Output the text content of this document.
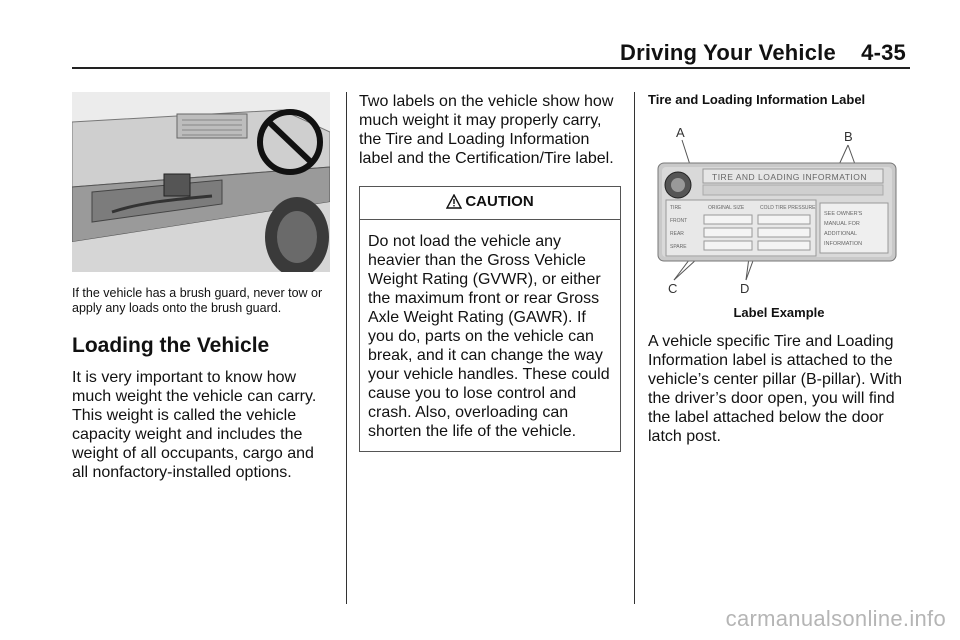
Driving Your Vehicle    4-35
If the vehicle has a brush guard, never tow or apply any loads onto the brush guard.
Loading the Vehicle
It is very important to know how much weight the vehicle can carry. This weight is called the vehicle capacity weight and includes the weight of all occupants, cargo and all nonfactory-installed options.
Two labels on the vehicle show how much weight it may properly carry, the Tire and Loading Information label and the Certification/Tire label.
CAUTION
Do not load the vehicle any heavier than the Gross Vehicle Weight Rating (GVWR), or either the maximum front or rear Gross Axle Weight Rating (GAWR). If you do, parts on the vehicle can break, and it can change the way your vehicle handles. These could cause you to lose control and crash. Also, overloading can shorten the life of the vehicle.
Tire and Loading Information Label
A	B
C	D
TIRE AND LOADING INFORMATION
TIRE
FRONT
REAR
SPARE
ORIGINAL SIZE	COLD TIRE PRESSURE
SEE OWNER'S
MANUAL FOR
ADDITIONAL
INFORMATION
Label Example
A vehicle specific Tire and Loading Information label is attached to the vehicle’s center pillar (B-pillar). With the driver’s door open, you will find the label attached below the door latch post.
carmanualsonline.info
